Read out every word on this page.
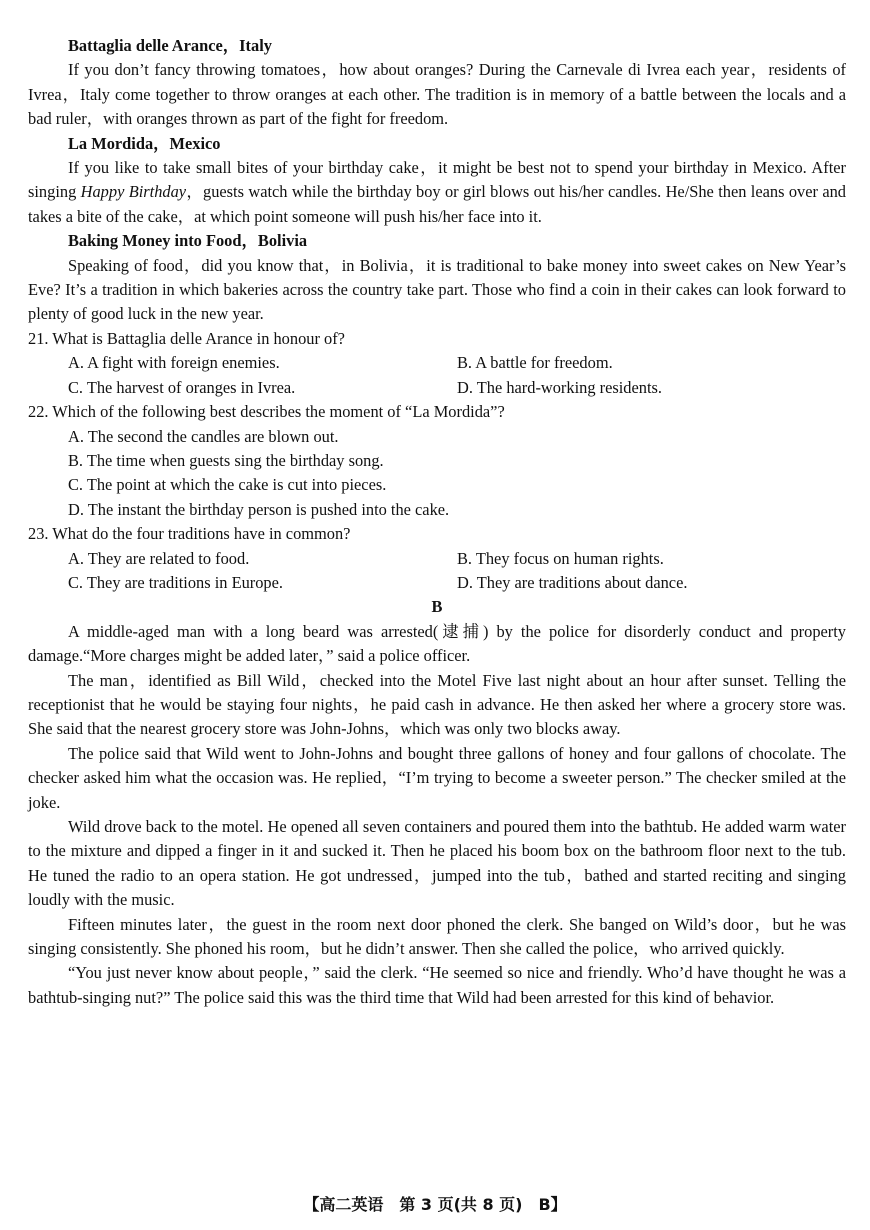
Battaglia delle Arance，Italy

If you don’t fancy throwing tomatoes，how about oranges? During the Carnevale di Ivrea each year，residents of Ivrea，Italy come together to throw oranges at each other. The tradition is in memory of a battle between the locals and a bad ruler，with oranges thrown as part of the fight for freedom.

La Mordida，Mexico

If you like to take small bites of your birthday cake，it might be best not to spend your birthday in Mexico. After singing Happy Birthday，guests watch while the birthday boy or girl blows out his/her candles. He/She then leans over and takes a bite of the cake，at which point someone will push his/her face into it.

Baking Money into Food，Bolivia

Speaking of food，did you know that，in Bolivia，it is traditional to bake money into sweet cakes on New Year’s Eve? It’s a tradition in which bakeries across the country take part. Those who find a coin in their cakes can look forward to plenty of good luck in the new year.

21. What is Battaglia delle Arance in honour of?

A. A fight with foreign enemies.	B. A battle for freedom.
C. The harvest of oranges in Ivrea.	D. The hard-working residents.

22. Which of the following best describes the moment of “La Mordida”?

A. The second the candles are blown out.
B. The time when guests sing the birthday song.
C. The point at which the cake is cut into pieces.
D. The instant the birthday person is pushed into the cake.

23. What do the four traditions have in common?

A. They are related to food.	B. They focus on human rights.
C. They are traditions in Europe.	D. They are traditions about dance.
B

A middle-aged man with a long beard was arrested(逮捕) by the police for disorderly conduct and property damage.“More charges might be added later，” said a police officer.

The man，identified as Bill Wild，checked into the Motel Five last night about an hour after sunset. Telling the receptionist that he would be staying four nights，he paid cash in advance. He then asked her where a grocery store was. She said that the nearest grocery store was John-Johns，which was only two blocks away.

The police said that Wild went to John-Johns and bought three gallons of honey and four gallons of chocolate. The checker asked him what the occasion was. He replied，“I’m trying to become a sweeter person.” The checker smiled at the joke.

Wild drove back to the motel. He opened all seven containers and poured them into the bathtub. He added warm water to the mixture and dipped a finger in it and sucked it. Then he placed his boom box on the bathroom floor next to the tub. He tuned the radio to an opera station. He got undressed，jumped into the tub，bathed and started reciting and singing loudly with the music.

Fifteen minutes later，the guest in the room next door phoned the clerk. She banged on Wild’s door，but he was singing consistently. She phoned his room，but he didn’t answer. Then she called the police，who arrived quickly.

“You just never know about people，” said the clerk. “He seemed so nice and friendly. Who’d have thought he was a bathtub-singing nut?” The police said this was the third time that Wild had been arrested for this kind of behavior.

【高二英语　第 3 页(共 8 页)　B】
